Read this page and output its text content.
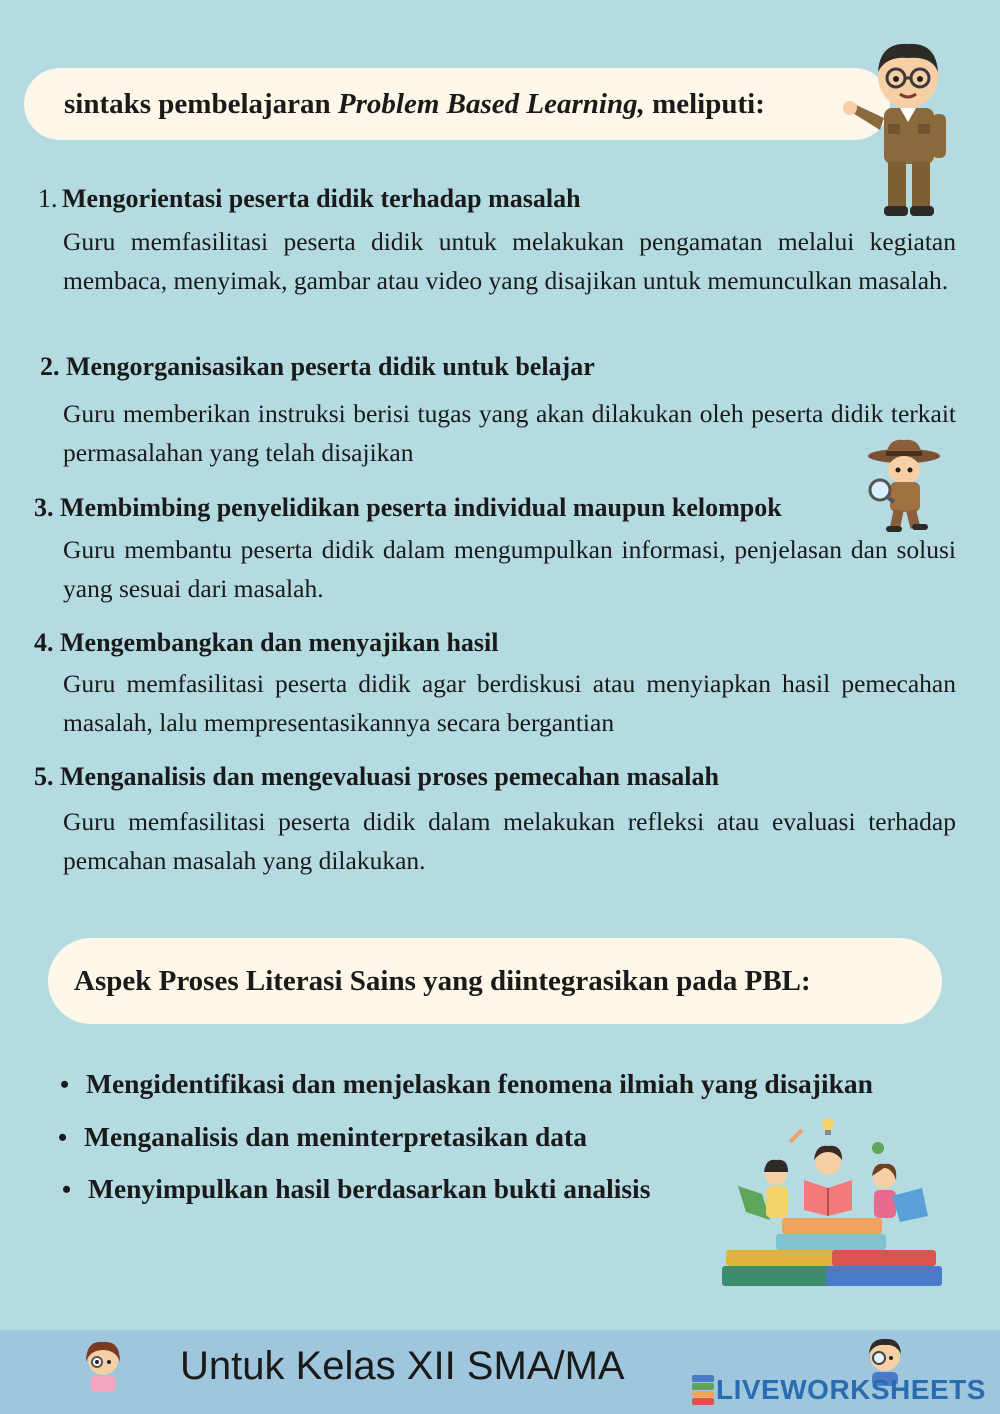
sintaks pembelajaran Problem Based Learning, meliputi:
1. Mengorientasi peserta didik terhadap masalah
Guru memfasilitasi peserta didik untuk melakukan pengamatan melalui kegiatan membaca, menyimak, gambar atau video yang disajikan untuk memunculkan masalah.
2. Mengorganisasikan peserta didik untuk belajar
Guru memberikan instruksi berisi tugas yang akan dilakukan oleh peserta didik terkait permasalahan yang telah disajikan
3. Membimbing penyelidikan peserta individual maupun kelompok
Guru membantu peserta didik dalam mengumpulkan informasi, penjelasan dan solusi yang sesuai dari masalah.
4. Mengembangkan dan menyajikan hasil
Guru memfasilitasi peserta didik agar berdiskusi atau menyiapkan hasil pemecahan masalah, lalu mempresentasikannya secara bergantian
5. Menganalisis dan mengevaluasi proses pemecahan masalah
Guru memfasilitasi peserta didik dalam melakukan refleksi atau evaluasi terhadap pemcahan masalah yang dilakukan.
Aspek Proses Literasi Sains yang diintegrasikan pada PBL:
• Mengidentifikasi dan menjelaskan fenomena ilmiah yang disajikan
• Menganalisis dan meninterpretasikan data
• Menyimpulkan hasil berdasarkan bukti analisis
Untuk Kelas XII SMA/MA
LIVEWORKSHEETS
